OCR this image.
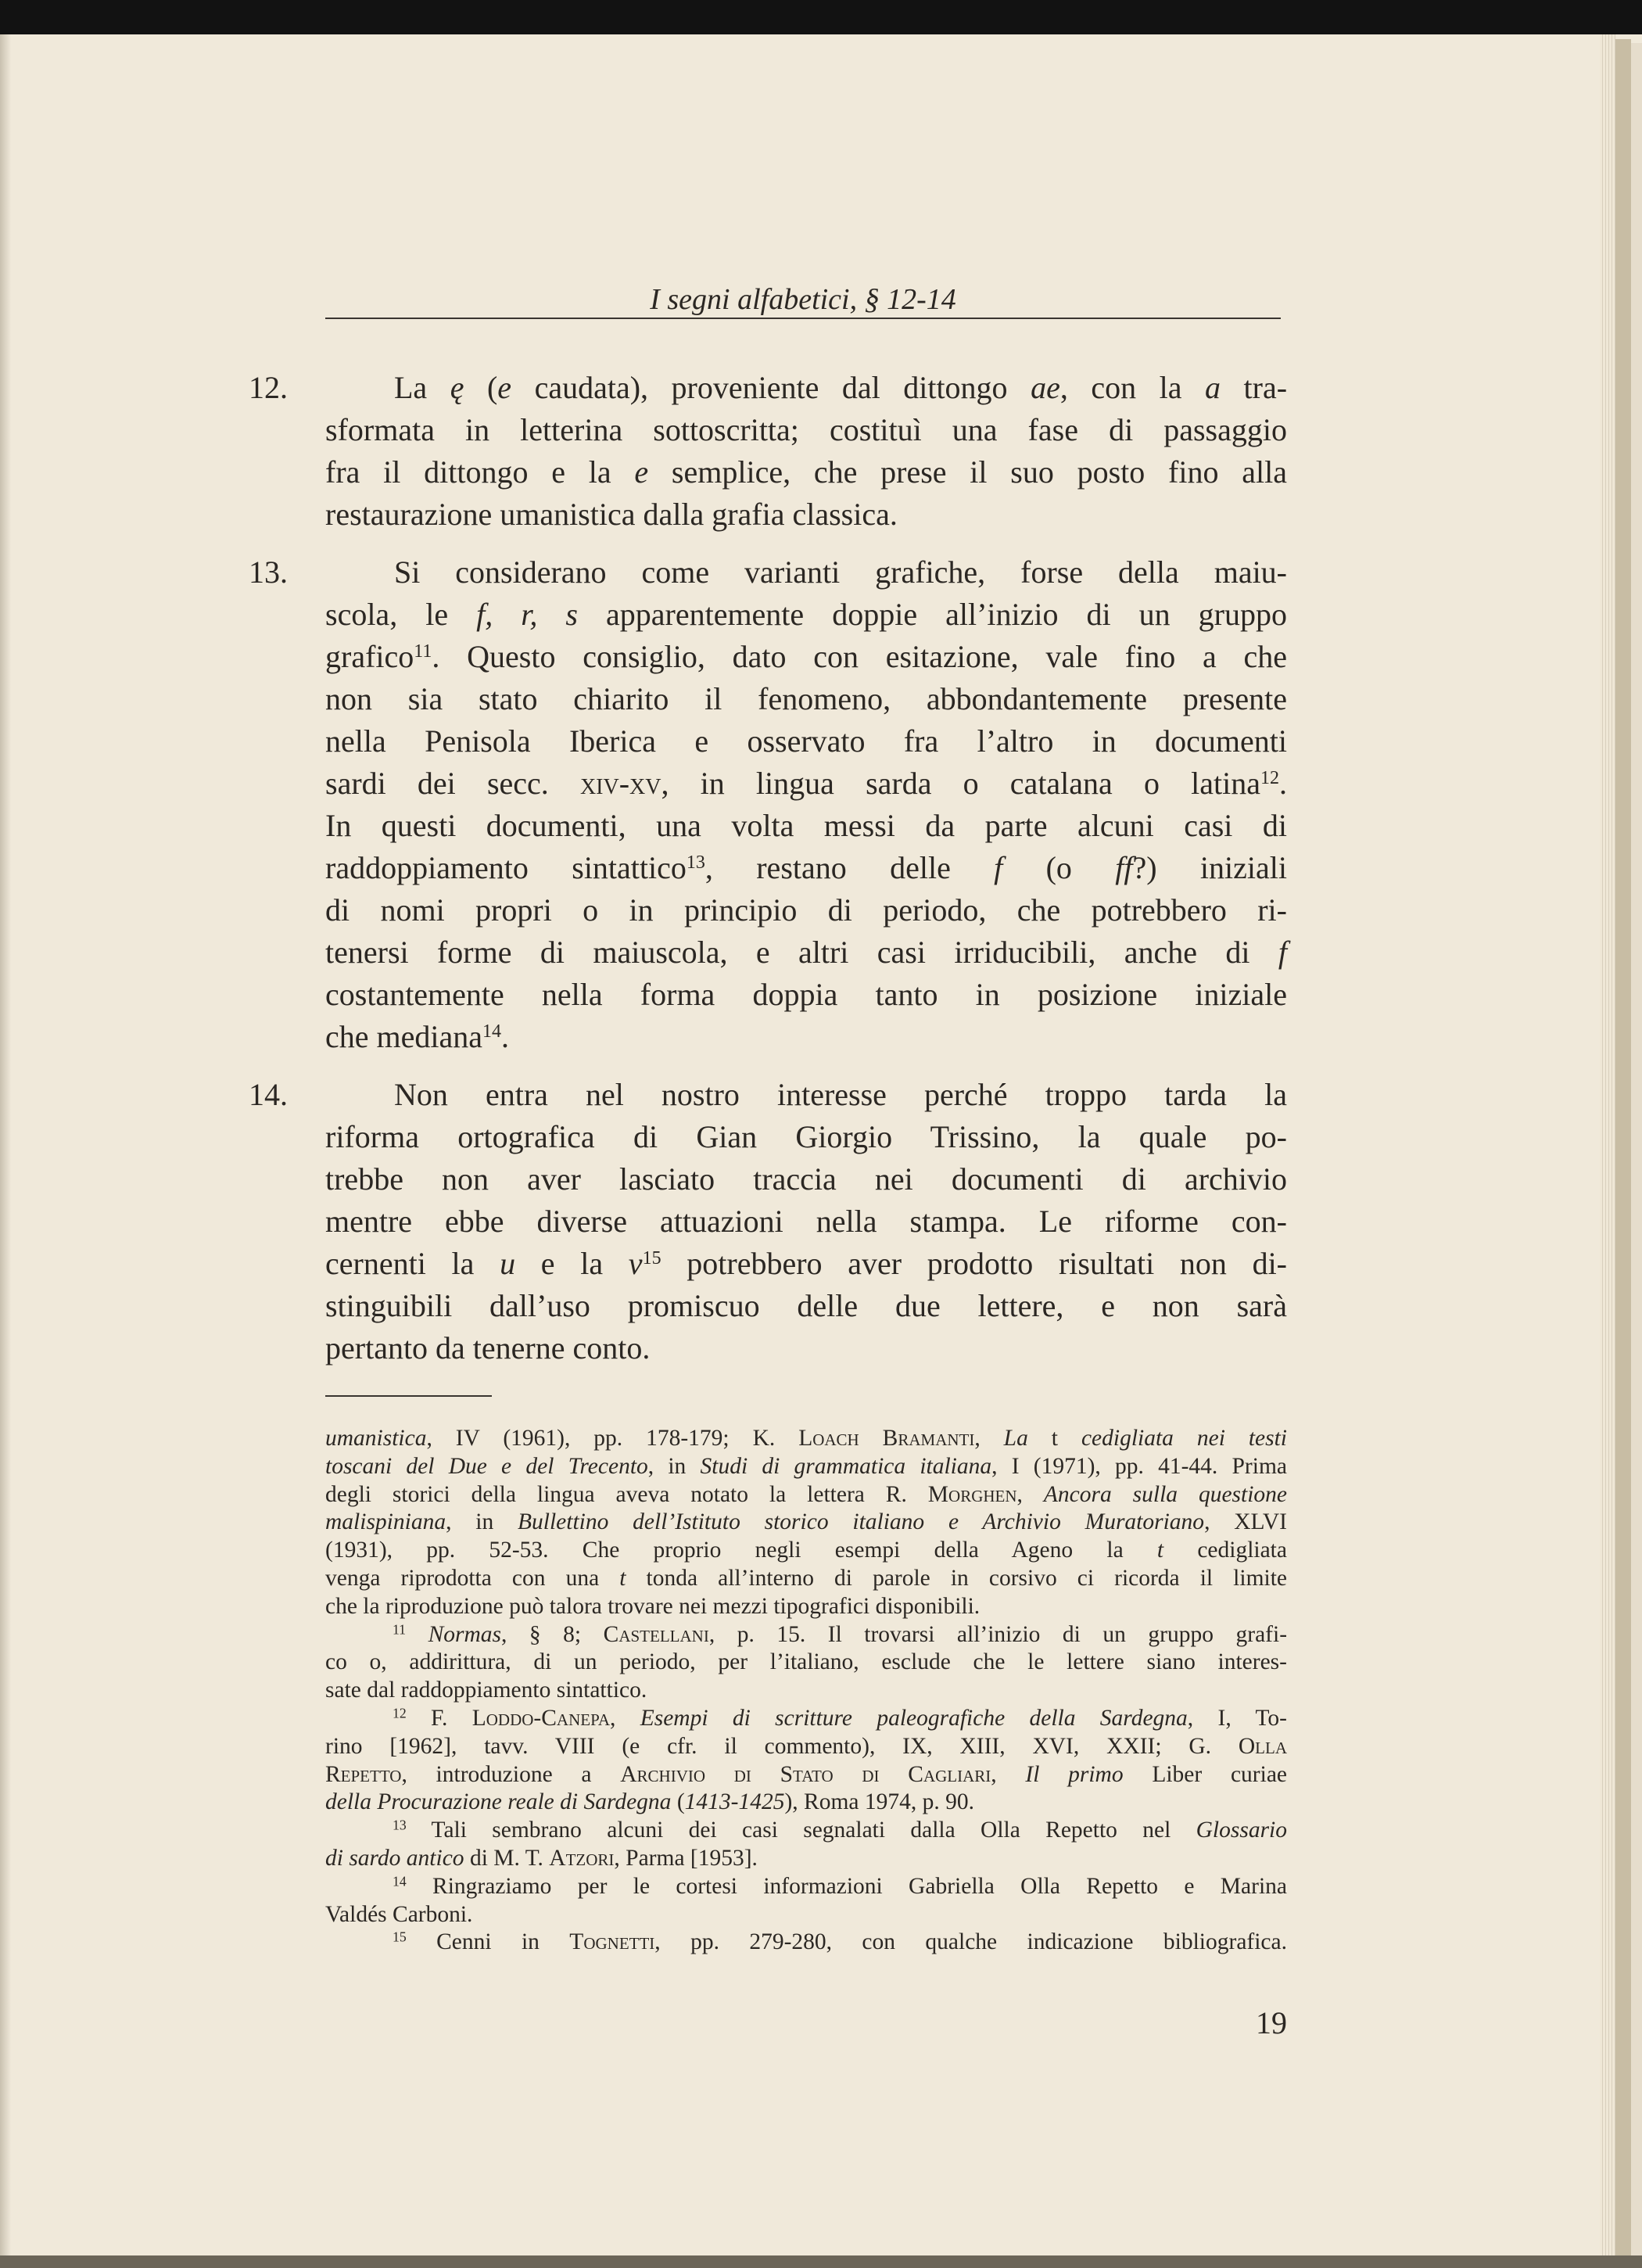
I segni alfabetici, § 12-14
12.	La ę (e caudata), proveniente dal dittongo ae, con la a tra-
sformata in letterina sottoscritta; costituì una fase di passaggio
fra il dittongo e la e semplice, che prese il suo posto fino alla
restaurazione umanistica dalla grafia classica.
13.	Si considerano come varianti grafiche, forse della maiu-
scola, le f, r, s apparentemente doppie all’inizio di un gruppo
grafico$^{11}$. Questo consiglio, dato con esitazione, vale fino a che
non sia stato chiarito il fenomeno, abbondantemente presente
nella Penisola Iberica e osservato fra l’altro in documenti
sardi dei secc. xiv-xv, in lingua sarda o catalana o latina$^{12}$.
In questi documenti, una volta messi da parte alcuni casi di
raddoppiamento sintattico$^{13}$, restano delle f (o ff?) iniziali
di nomi propri o in principio di periodo, che potrebbero ri-
tenersi forme di maiuscola, e altri casi irriducibili, anche di f
costantemente nella forma doppia tanto in posizione iniziale
che mediana$^{14}$.
14.	Non entra nel nostro interesse perché troppo tarda la
riforma ortografica di Gian Giorgio Trissino, la quale po-
trebbe non aver lasciato traccia nei documenti di archivio
mentre ebbe diverse attuazioni nella stampa. Le riforme con-
cernenti la u e la $v^{15}$ potrebbero aver prodotto risultati non di-
stinguibili dall’uso promiscuo delle due lettere, e non sarà
pertanto da tenerne conto.
umanistica, IV (1961), pp. 178-179; K. Loach Bramanti, La t cedigliata nei testi
toscani del Due e del Trecento, in Studi di grammatica italiana, I (1971), pp. 41-44. Prima
degli storici della lingua aveva notato la lettera R. Morghen, Ancora sulla questione
malispiniana, in Bullettino dell’Istituto storico italiano e Archivio Muratoriano, XLVI
(1931), pp. 52-53. Che proprio negli esempi della Ageno la t cedigliata
venga riprodotta con una t tonda all’interno di parole in corsivo ci ricorda il limite
che la riproduzione può talora trovare nei mezzi tipografici disponibili.
$^{11}$ Normas, § 8; Castellani, p. 15. Il trovarsi all’inizio di un gruppo grafi-
co o, addirittura, di un periodo, per l’italiano, esclude che le lettere siano interes-
sate dal raddoppiamento sintattico.
$^{12}$ F. Loddo-Canepa, Esempi di scritture paleografiche della Sardegna, I, To-
rino [1962], tavv. VIII (e cfr. il commento), IX, XIII, XVI, XXII; G. Olla
Repetto, introduzione a Archivio di Stato di Cagliari, Il primo Liber curiae
della Procurazione reale di Sardegna (1413-1425), Roma 1974, p. 90.
$^{13}$ Tali sembrano alcuni dei casi segnalati dalla Olla Repetto nel Glossario
di sardo antico di M. T. Atzori, Parma [1953].
$^{14}$ Ringraziamo per le cortesi informazioni Gabriella Olla Repetto e Marina
Valdés Carboni.
$^{15}$ Cenni in Tognetti, pp. 279-280, con qualche indicazione bibliografica.
19
